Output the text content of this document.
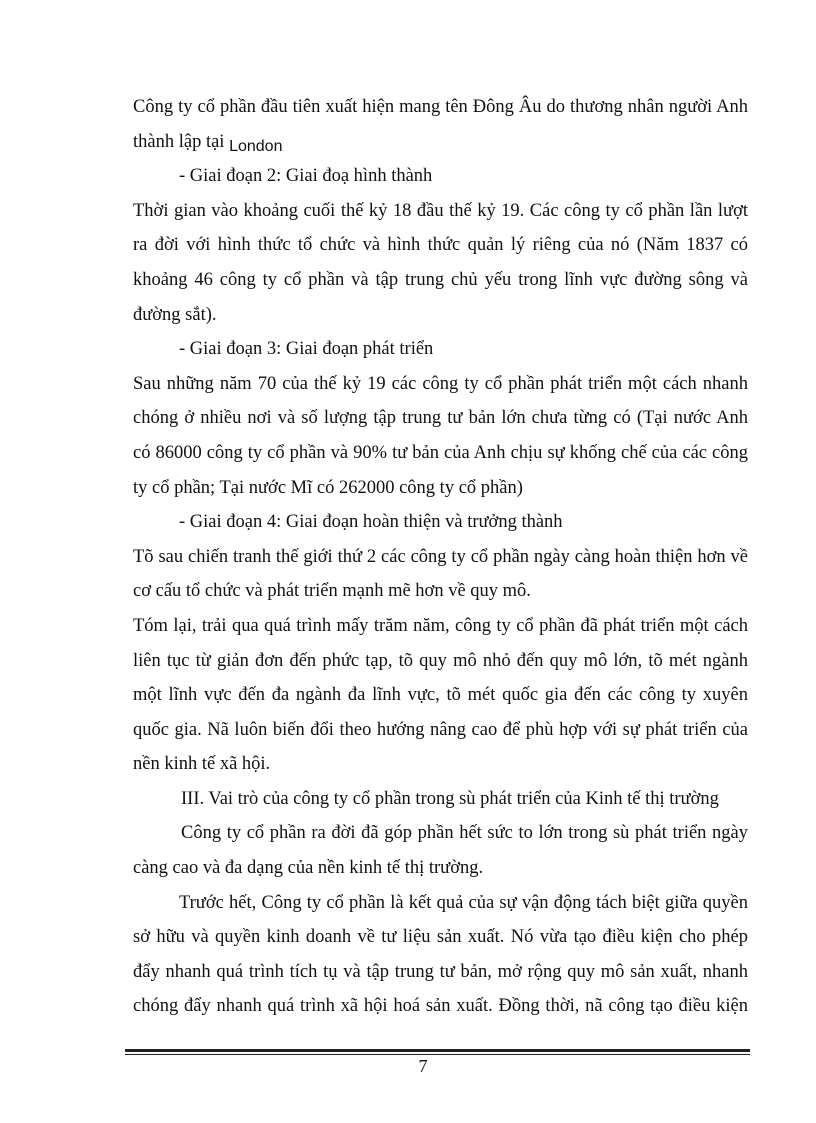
Công ty cổ phần đầu tiên xuất hiện mang tên Đông Âu do thương nhân người Anh
thành lập tại London
- Giai đoạn 2: Giai đoạ hình thành
Thời gian vào khoảng cuối thế kỷ 18 đầu thế kỷ 19. Các công ty cổ phần lần lượt
ra đời với hình thức tổ chức và hình thức quản lý riêng của nó (Năm 1837 có
khoảng 46 công ty cổ phần và tập trung chủ yếu trong lĩnh vực đường sông và
đường sắt).
- Giai đoạn 3: Giai đoạn phát triển
Sau những năm 70 của thế kỷ 19 các công ty cổ phần phát triển một cách nhanh
chóng ở nhiều nơi và số lượng tập trung tư bản lớn chưa từng có (Tại nước Anh
có 86000 công ty cổ phần và 90% tư bản của Anh chịu sự khống chế của các công
ty cổ phần; Tại nước Mĩ có 262000 công ty cổ phần)
- Giai đoạn 4: Giai đoạn hoàn thiện và trưởng thành
Tõ sau chiến tranh thế giới thứ 2 các công ty cổ phần ngày càng hoàn thiện hơn về
cơ cấu tổ chức và phát triển mạnh mẽ hơn về quy mô.
Tóm lại, trải qua quá trình mấy trăm năm, công ty cổ phần đã phát triển một cách
liên tục từ giản đơn đến phức tạp, tõ quy mô nhỏ đến quy mô lớn, tõ mét ngành
một lĩnh vực đến đa ngành đa lĩnh vực, tõ mét quốc gia đến các công ty xuyên
quốc gia. Nã luôn biến đổi theo hướng nâng cao để phù hợp với sự phát triển của
nền kinh tế xã hội.
III. Vai trò của công ty cổ phần trong sù phát triển của Kinh tế thị trường
Công ty cổ phần ra đời đã góp phần hết sức to lớn trong sù phát triển ngày
càng cao và đa dạng của nền kinh tế thị trường.
Trước hết, Công ty cổ phần là kết quả của sự vận động tách biệt giữa quyền
sở hữu và quyền kinh doanh về tư liệu sản xuất. Nó vừa tạo điều kiện cho phép
đẩy nhanh quá trình tích tụ và tập trung tư bản, mở rộng quy mô sản xuất, nhanh
chóng đẩy nhanh quá trình xã hội hoá sản xuất. Đồng thời, nã công tạo điều kiện
7
